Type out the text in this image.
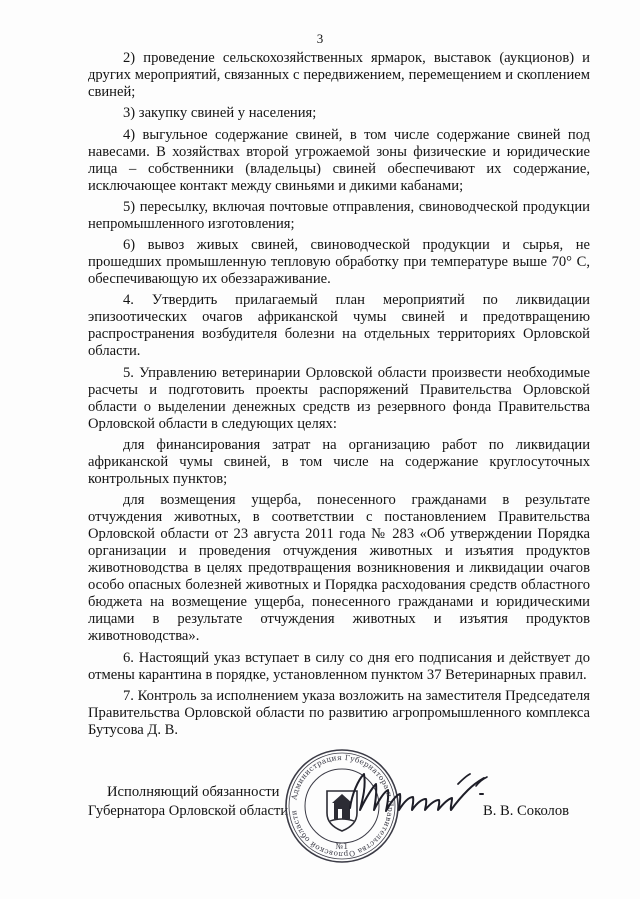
3

2) проведение сельскохозяйственных ярмарок, выставок (аукционов) и других мероприятий, связанных с передвижением, перемещением и скоплением свиней;

3) закупку свиней у населения;

4) выгульное содержание свиней, в том числе содержание свиней под навесами. В хозяйствах второй угрожаемой зоны физические и юридические лица – собственники (владельцы) свиней обеспечивают их содержание, исключающее контакт между свиньями и дикими кабанами;

5) пересылку, включая почтовые отправления, свиноводческой продукции непромышленного изготовления;

6) вывоз живых свиней, свиноводческой продукции и сырья, не прошедших промышленную тепловую обработку при температуре выше 70° С, обеспечивающую их обеззараживание.

4. Утвердить прилагаемый план мероприятий по ликвидации эпизоотических очагов африканской чумы свиней и предотвращению распространения возбудителя болезни на отдельных территориях Орловской области.

5. Управлению ветеринарии Орловской области произвести необходимые расчеты и подготовить проекты распоряжений Правительства Орловской области о выделении денежных средств из резервного фонда Правительства Орловской области в следующих целях:

для финансирования затрат на организацию работ по ликвидации африканской чумы свиней, в том числе на содержание круглосуточных контрольных пунктов;

для возмещения ущерба, понесенного гражданами в результате отчуждения животных, в соответствии с постановлением Правительства Орловской области от 23 августа 2011 года № 283 «Об утверждении Порядка организации и проведения отчуждения животных и изъятия продуктов животноводства в целях предотвращения возникновения и ликвидации очагов особо опасных болезней животных и Порядка расходования средств областного бюджета на возмещение ущерба, понесенного гражданами и юридическими лицами в результате отчуждения животных и изъятия продуктов животноводства».

6. Настоящий указ вступает в силу со дня его подписания и действует до отмены карантина в порядке, установленном пунктом 37 Ветеринарных правил.

7. Контроль за исполнением указа возложить на заместителя Председателя Правительства Орловской области по развитию агропромышленного комплекса Бутусова Д. В.

Исполняющий обязанности
Губернатора Орловской области	В. В. Соколов
Администрация Губернатора и Правительства Орловской области
№1
